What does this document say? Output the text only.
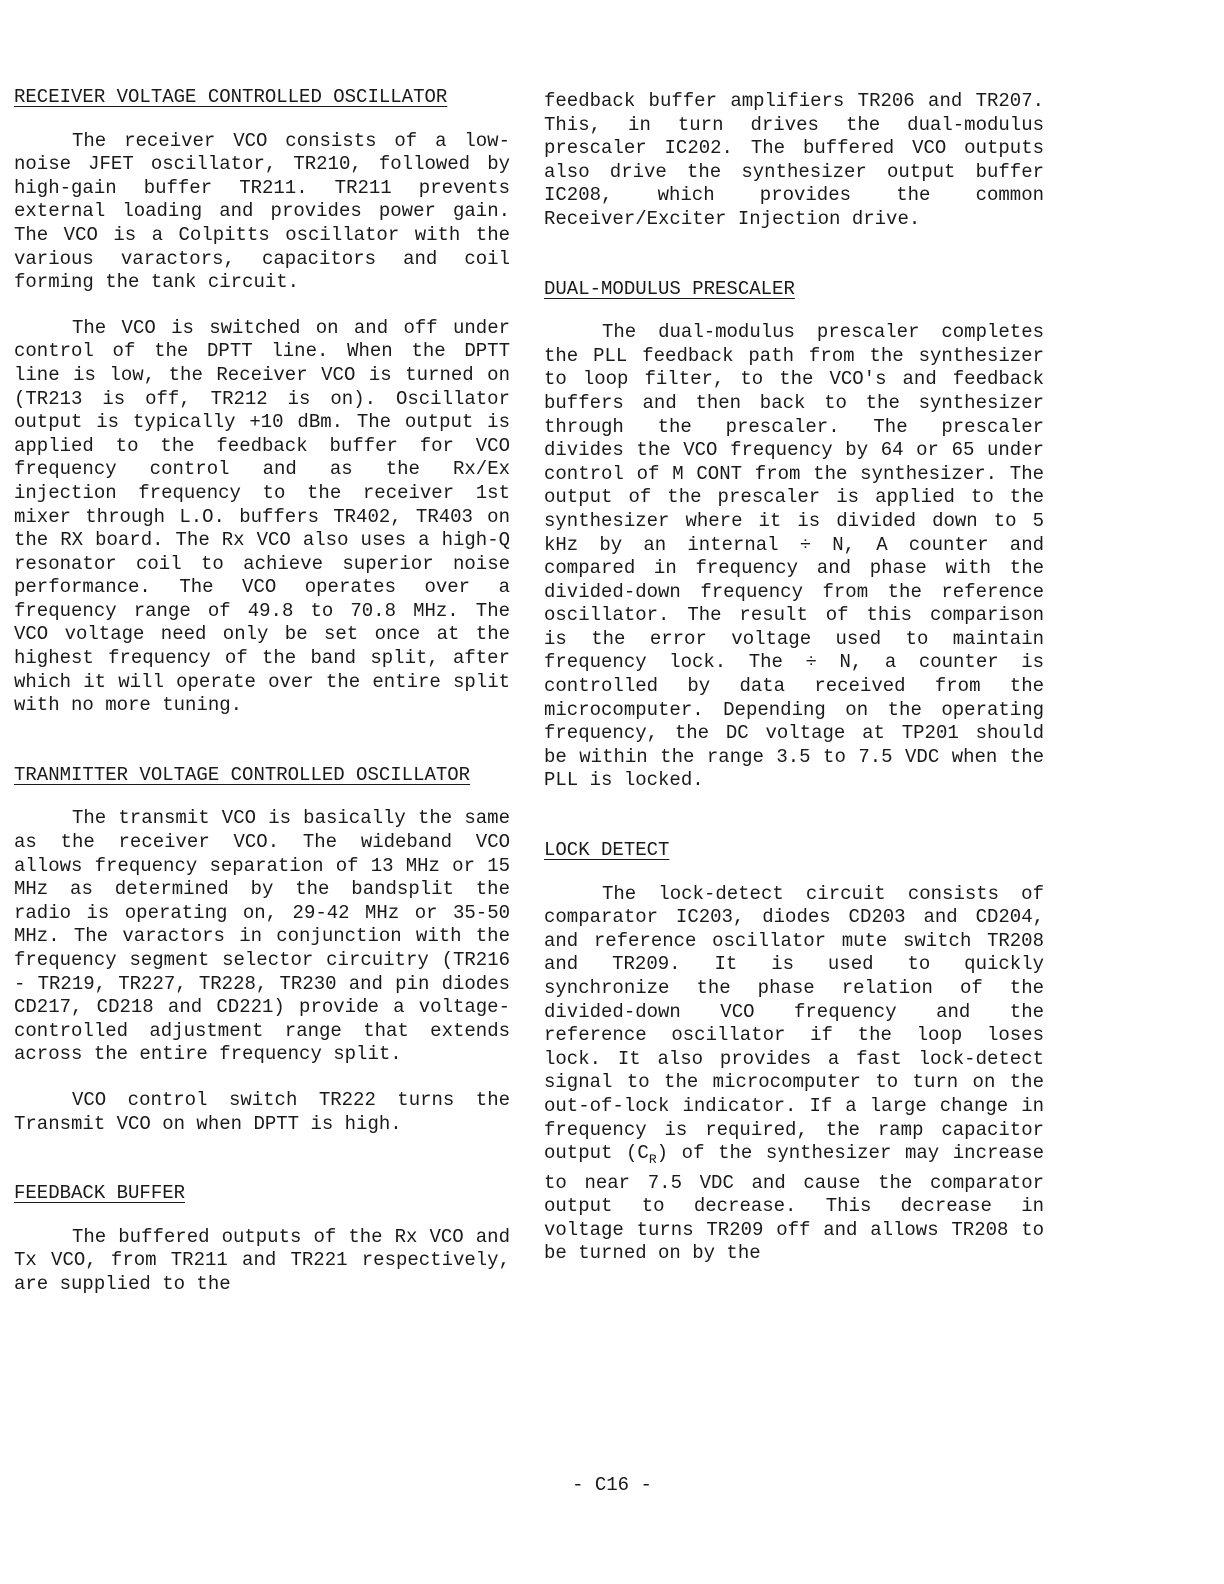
RECEIVER VOLTAGE CONTROLLED OSCILLATOR

The receiver VCO consists of a low-noise JFET oscillator, TR210, followed by high-gain buffer TR211. TR211 prevents external loading and provides power gain. The VCO is a Colpitts oscillator with the various varactors, capacitors and coil forming the tank circuit.

The VCO is switched on and off under control of the DPTT line. When the DPTT line is low, the Receiver VCO is turned on (TR213 is off, TR212 is on). Oscillator output is typically +10 dBm. The output is applied to the feedback buffer for VCO frequency control and as the Rx/Ex injection frequency to the receiver 1st mixer through L.O. buffers TR402, TR403 on the RX board. The Rx VCO also uses a high-Q resonator coil to achieve superior noise performance. The VCO operates over a frequency range of 49.8 to 70.8 MHz. The VCO voltage need only be set once at the highest frequency of the band split, after which it will operate over the entire split with no more tuning.

TRANMITTER VOLTAGE CONTROLLED OSCILLATOR

The transmit VCO is basically the same as the receiver VCO. The wideband VCO allows frequency separation of 13 MHz or 15 MHz as determined by the bandsplit the radio is operating on, 29-42 MHz or 35-50 MHz. The varactors in conjunction with the frequency segment selector circuitry (TR216 - TR219, TR227, TR228, TR230 and pin diodes CD217, CD218 and CD221) provide a voltage-controlled adjustment range that extends across the entire frequency split.

VCO control switch TR222 turns the Transmit VCO on when DPTT is high.

FEEDBACK BUFFER

The buffered outputs of the Rx VCO and Tx VCO, from TR211 and TR221 respectively, are supplied to the

feedback buffer amplifiers TR206 and TR207. This, in turn drives the dual-modulus prescaler IC202. The buffered VCO outputs also drive the synthesizer output buffer IC208, which provides the common Receiver/Exciter Injection drive.

DUAL-MODULUS PRESCALER

The dual-modulus prescaler completes the PLL feedback path from the synthesizer to loop filter, to the VCO's and feedback buffers and then back to the synthesizer through the prescaler. The prescaler divides the VCO frequency by 64 or 65 under control of M CONT from the synthesizer. The output of the prescaler is applied to the synthesizer where it is divided down to 5 kHz by an internal ÷ N, A counter and compared in frequency and phase with the divided-down frequency from the reference oscillator. The result of this comparison is the error voltage used to maintain frequency lock. The ÷ N, a counter is controlled by data received from the microcomputer. Depending on the operating frequency, the DC voltage at TP201 should be within the range 3.5 to 7.5 VDC when the PLL is locked.

LOCK DETECT

The lock-detect circuit consists of comparator IC203, diodes CD203 and CD204, and reference oscillator mute switch TR208 and TR209. It is used to quickly synchronize the phase relation of the divided-down VCO frequency and the reference oscillator if the loop loses lock. It also provides a fast lock-detect signal to the microcomputer to turn on the out-of-lock indicator. If a large change in frequency is required, the ramp capacitor output $(C_R)$ of the synthesizer may increase to near 7.5 VDC and cause the comparator output to decrease. This decrease in voltage turns TR209 off and allows TR208 to be turned on by the

- C16 -
